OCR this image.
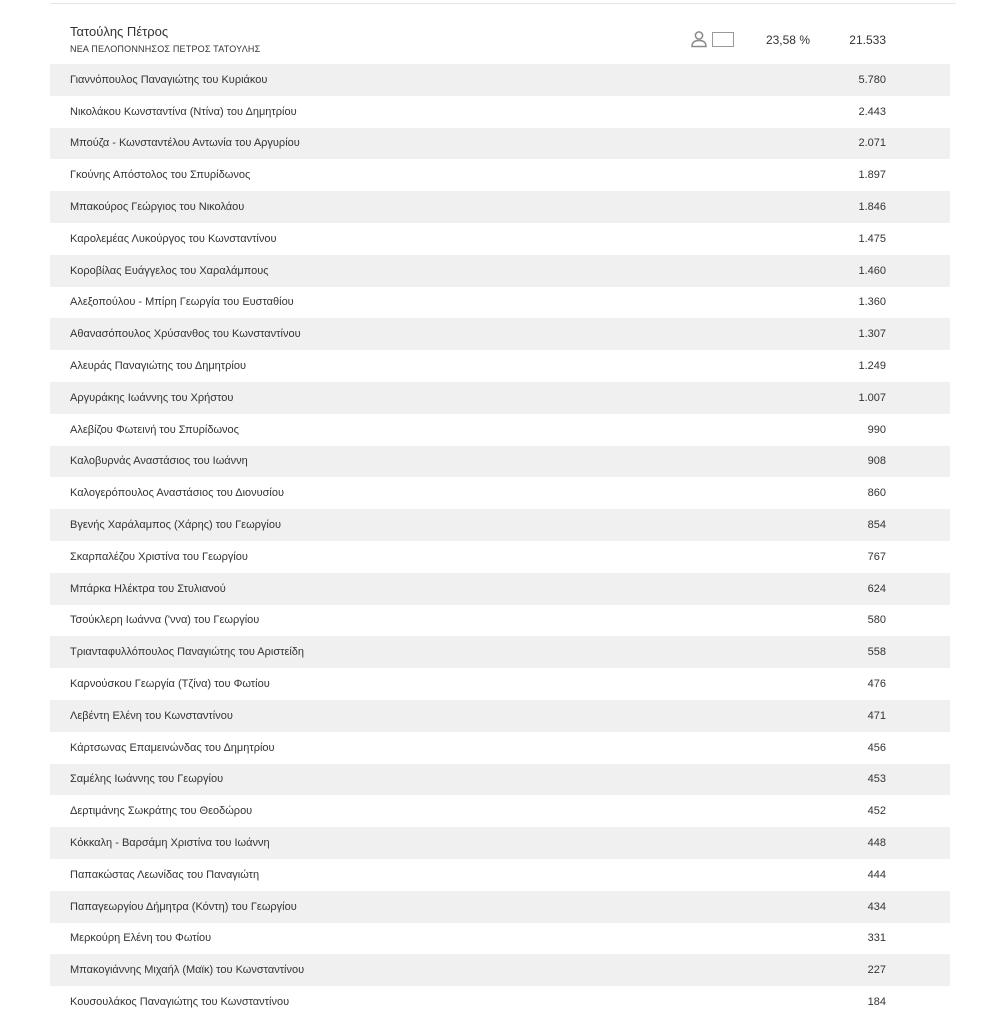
Τατούλης Πέτρος
ΝΕΑ ΠΕΛΟΠΟΝΝΗΣΟΣ ΠΕΤΡΟΣ ΤΑΤΟΥΛΗΣ
23,58 %	21.533
Γιαννόπουλος Παναγιώτης του Κυριάκου	5.780
Νικολάκου Κωνσταντίνα (Ντίνα) του Δημητρίου	2.443
Μπούζα - Κωνσταντέλου Αντωνία του Αργυρίου	2.071
Γκούνης Απόστολος του Σπυρίδωνος	1.897
Μπακούρος Γεώργιος του Νικολάου	1.846
Καρολεμέας Λυκούργος του Κωνσταντίνου	1.475
Κοροβίλας Ευάγγελος του Χαραλάμπους	1.460
Αλεξοπούλου - Μπίρη Γεωργία του Ευσταθίου	1.360
Αθανασόπουλος Χρύσανθος του Κωνσταντίνου	1.307
Αλευράς Παναγιώτης του Δημητρίου	1.249
Αργυράκης Ιωάννης του Χρήστου	1.007
Αλεβίζου Φωτεινή του Σπυρίδωνος	990
Καλοβυρνάς Αναστάσιος του Ιωάννη	908
Καλογερόπουλος Αναστάσιος του Διονυσίου	860
Βγενής Χαράλαμπος (Χάρης) του Γεωργίου	854
Σκαρπαλέζου Χριστίνα του Γεωργίου	767
Μπάρκα Ηλέκτρα του Στυλιανού	624
Τσούκλερη Ιωάννα ('ννα) του Γεωργίου	580
Τριανταφυλλόπουλος Παναγιώτης του Αριστείδη	558
Καρνούσκου Γεωργία (Τζίνα) του Φωτίου	476
Λεβέντη Ελένη του Κωνσταντίνου	471
Κάρτσωνας Επαμεινώνδας του Δημητρίου	456
Σαμέλης Ιωάννης του Γεωργίου	453
Δερτιμάνης Σωκράτης του Θεοδώρου	452
Κόκκαλη - Βαρσάμη Χριστίνα του Ιωάννη	448
Παπακώστας Λεωνίδας του Παναγιώτη	444
Παπαγεωργίου Δήμητρα (Κόντη) του Γεωργίου	434
Μερκούρη Ελένη του Φωτίου	331
Μπακογιάννης Μιχαήλ (Μαϊκ) του Κωνσταντίνου	227
Κουσουλάκος Παναγιώτης του Κωνσταντίνου	184
